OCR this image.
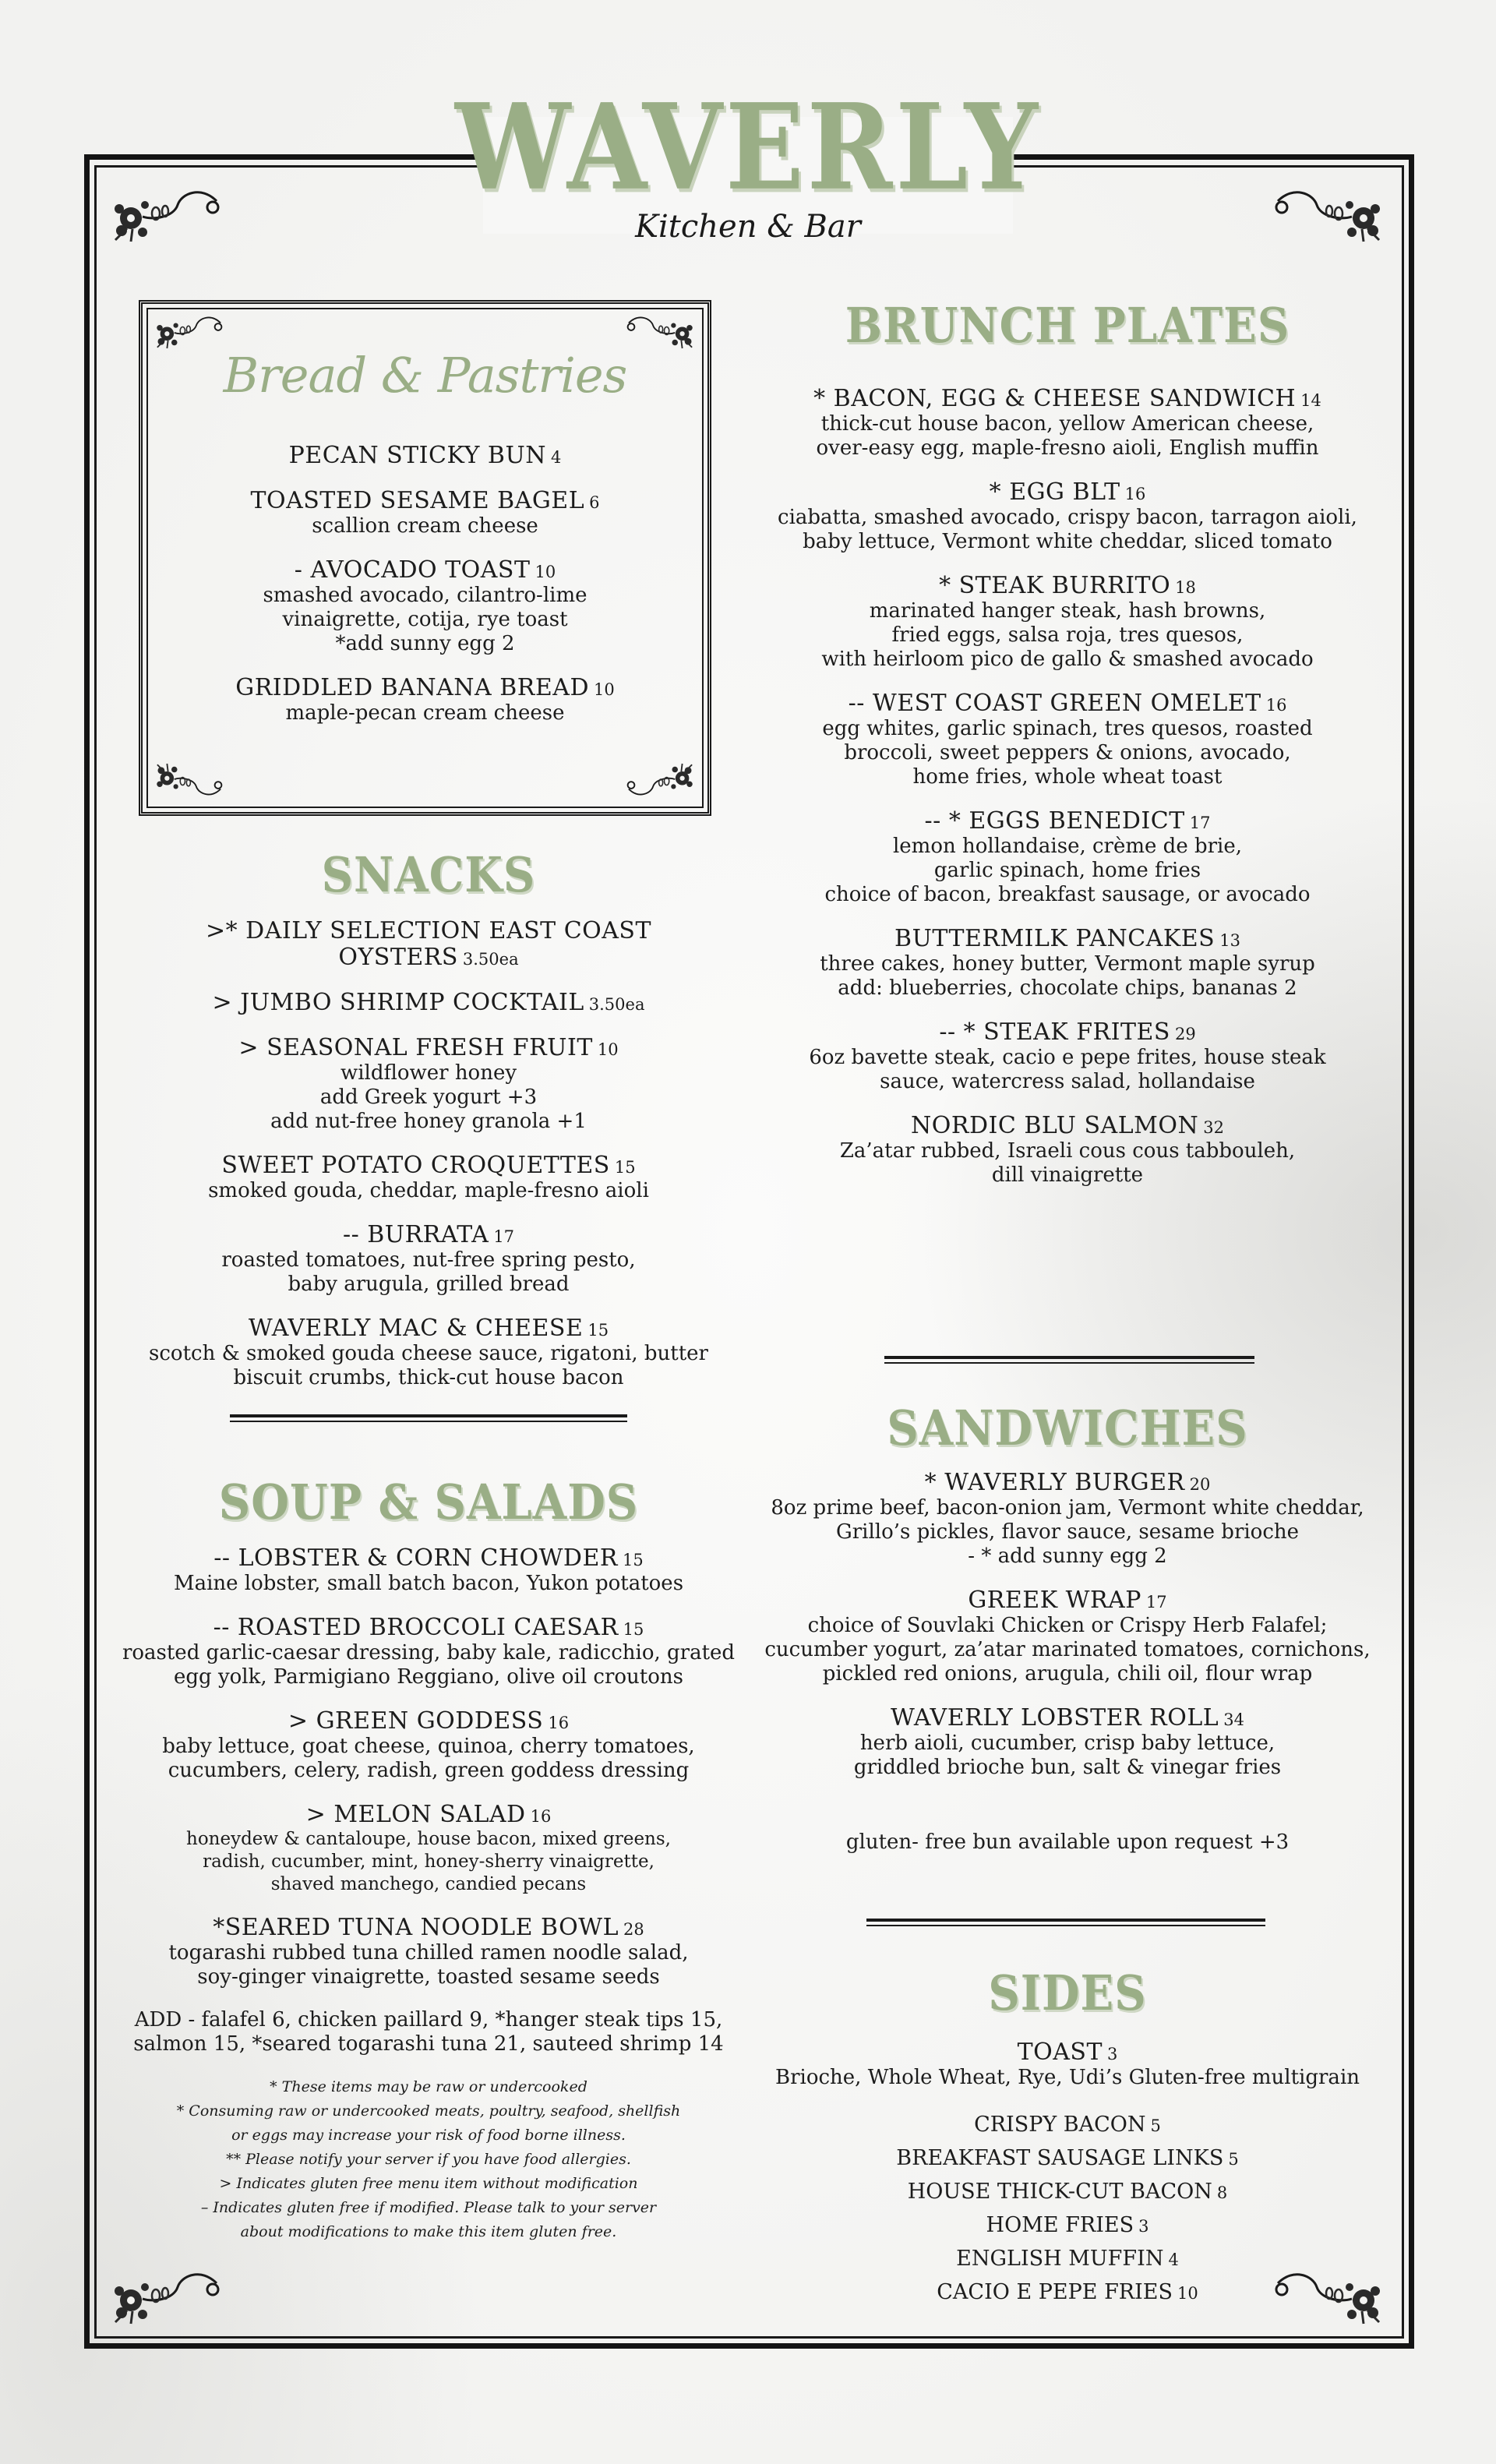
WAVERLY
Kitchen & Bar
Bread & Pastries
PECAN STICKY BUN 4
TOASTED SESAME BAGEL 6
scallion cream cheese
- AVOCADO TOAST 10
smashed avocado, cilantro-lime
vinaigrette, cotija, rye toast
*add sunny egg 2
GRIDDLED BANANA BREAD 10
maple-pecan cream cheese
SNACKS
>* DAILY SELECTION EAST COAST OYSTERS 3.50ea
> JUMBO SHRIMP COCKTAIL 3.50ea
> SEASONAL FRESH FRUIT 10
wildflower honey
add Greek yogurt +3
add nut-free honey granola +1
SWEET POTATO CROQUETTES 15
smoked gouda, cheddar, maple-fresno aioli
-- BURRATA 17
roasted tomatoes, nut-free spring pesto,
baby arugula, grilled bread
WAVERLY MAC & CHEESE 15
scotch & smoked gouda cheese sauce, rigatoni, butter
biscuit crumbs, thick-cut house bacon
SOUP & SALADS
-- LOBSTER & CORN CHOWDER 15
Maine lobster, small batch bacon, Yukon potatoes
-- ROASTED BROCCOLI CAESAR 15
roasted garlic-caesar dressing, baby kale, radicchio, grated
egg yolk, Parmigiano Reggiano, olive oil croutons
> GREEN GODDESS 16
baby lettuce, goat cheese, quinoa, cherry tomatoes,
cucumbers, celery, radish, green goddess dressing
> MELON SALAD 16
honeydew & cantaloupe, house bacon, mixed greens,
radish, cucumber, mint, honey-sherry vinaigrette,
shaved manchego, candied pecans
*SEARED TUNA NOODLE BOWL 28
togarashi rubbed tuna chilled ramen noodle salad,
soy-ginger vinaigrette, toasted sesame seeds
ADD - falafel 6, chicken paillard 9, *hanger steak tips 15,
salmon 15, *seared togarashi tuna 21, sauteed shrimp 14
* These items may be raw or undercooked
* Consuming raw or undercooked meats, poultry, seafood, shellfish
or eggs may increase your risk of food borne illness.
** Please notify your server if you have food allergies.
> Indicates gluten free menu item without modification
– Indicates gluten free if modified. Please talk to your server
about modifications to make this item gluten free.
BRUNCH PLATES
* BACON, EGG & CHEESE SANDWICH 14
thick-cut house bacon, yellow American cheese,
over-easy egg, maple-fresno aioli, English muffin
* EGG BLT 16
ciabatta, smashed avocado, crispy bacon, tarragon aioli,
baby lettuce, Vermont white cheddar, sliced tomato
* STEAK BURRITO 18
marinated hanger steak, hash browns,
fried eggs, salsa roja, tres quesos,
with heirloom pico de gallo & smashed avocado
-- WEST COAST GREEN OMELET 16
egg whites, garlic spinach, tres quesos, roasted
broccoli, sweet peppers & onions, avocado,
home fries, whole wheat toast
-- * EGGS BENEDICT 17
lemon hollandaise, crème de brie,
garlic spinach, home fries
choice of bacon, breakfast sausage, or avocado
BUTTERMILK PANCAKES 13
three cakes, honey butter, Vermont maple syrup
add: blueberries, chocolate chips, bananas 2
-- * STEAK FRITES 29
6oz bavette steak, cacio e pepe frites, house steak
sauce, watercress salad, hollandaise
NORDIC BLU SALMON 32
Za’atar rubbed, Israeli cous cous tabbouleh,
dill vinaigrette
SANDWICHES
* WAVERLY BURGER 20
8oz prime beef, bacon-onion jam, Vermont white cheddar,
Grillo’s pickles, flavor sauce, sesame brioche
- * add sunny egg 2
GREEK WRAP 17
choice of Souvlaki Chicken or Crispy Herb Falafel;
cucumber yogurt, za’atar marinated tomatoes, cornichons,
pickled red onions, arugula, chili oil, flour wrap
WAVERLY LOBSTER ROLL 34
herb aioli, cucumber, crisp baby lettuce,
griddled brioche bun, salt & vinegar fries
gluten- free bun available upon request +3
SIDES
TOAST 3
Brioche, Whole Wheat, Rye, Udi’s Gluten-free multigrain
CRISPY BACON 5
BREAKFAST SAUSAGE LINKS 5
HOUSE THICK-CUT BACON 8
HOME FRIES 3
ENGLISH MUFFIN 4
CACIO E PEPE FRIES 10
